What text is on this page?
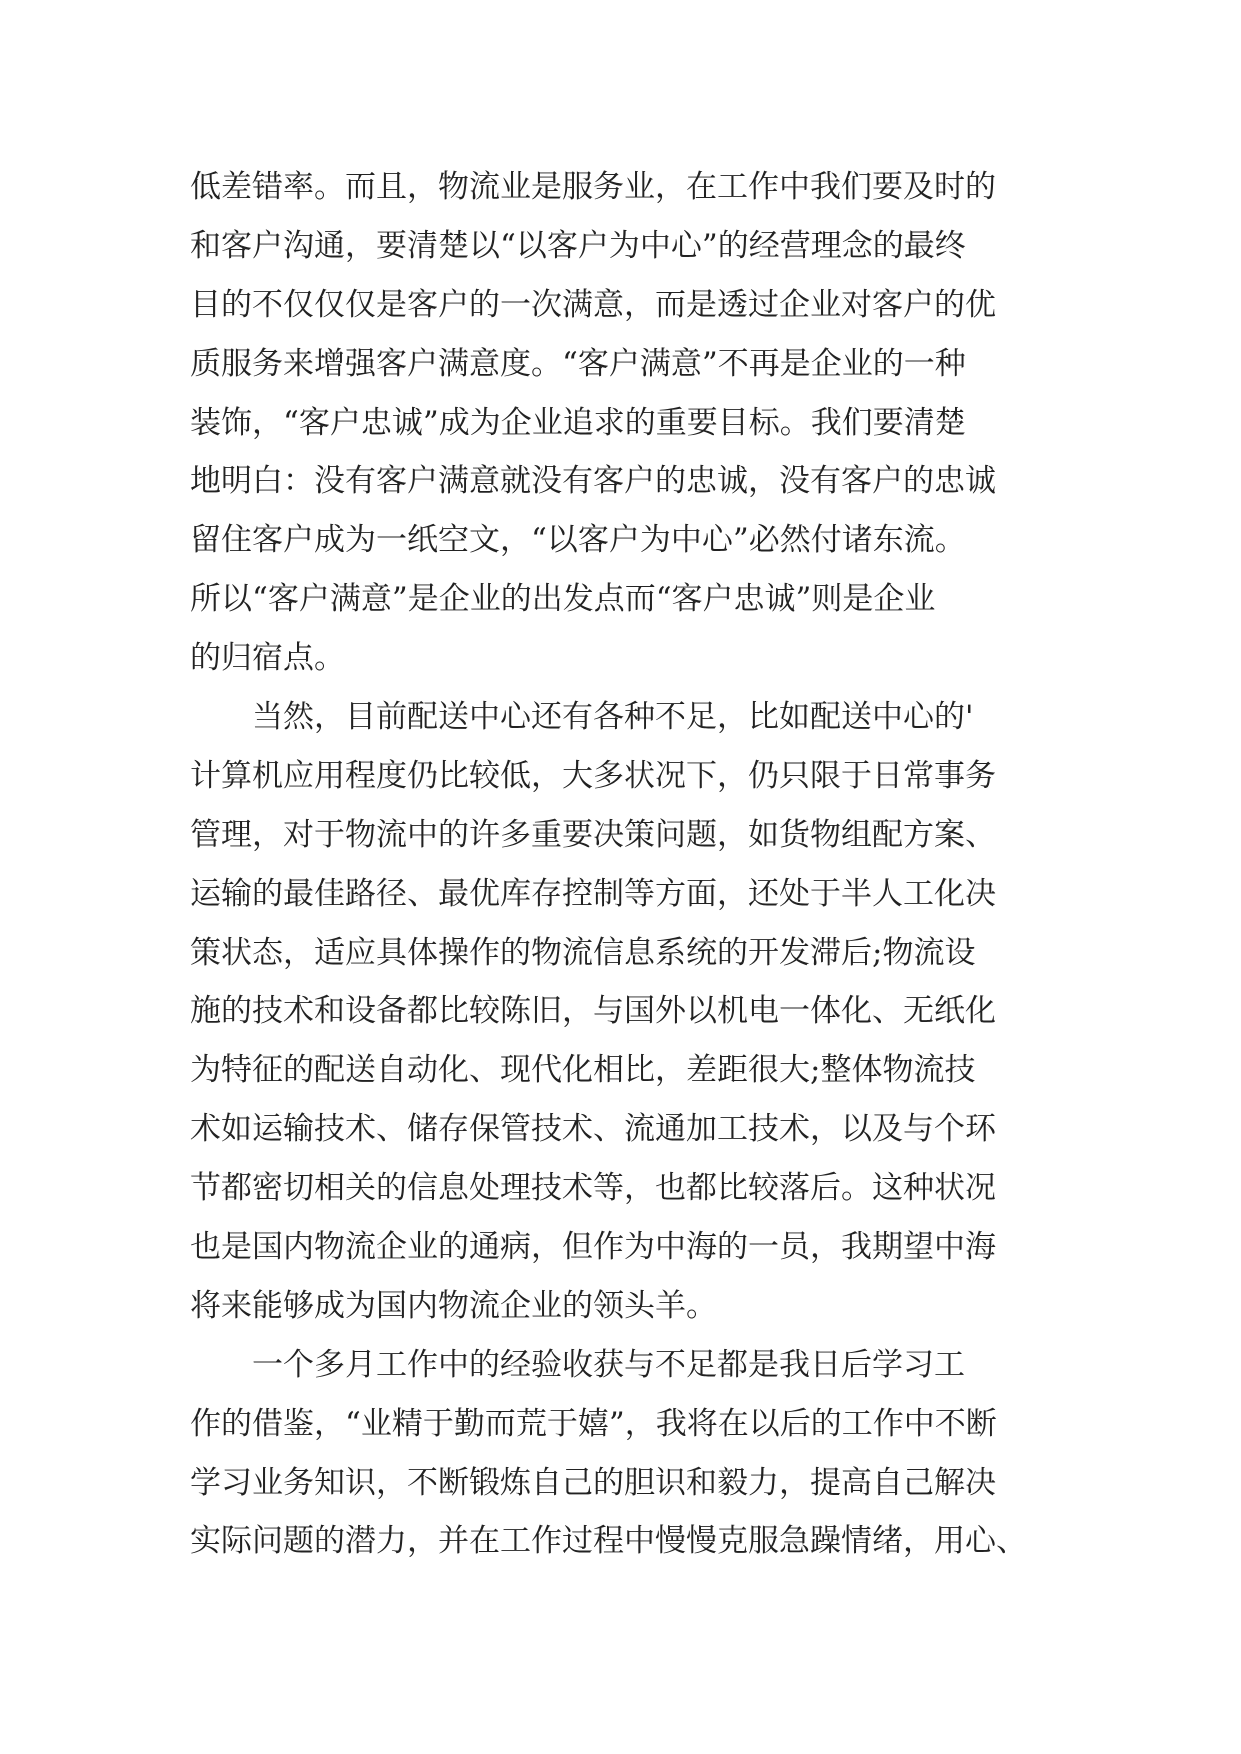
低差错率。而且，物流业是服务业，在工作中我们要及时的
和客户沟通，要清楚以“以客户为中心”的经营理念的最终
目的不仅仅仅是客户的一次满意，而是透过企业对客户的优
质服务来增强客户满意度。“客户满意”不再是企业的一种
装饰，“客户忠诚”成为企业追求的重要目标。我们要清楚
地明白：没有客户满意就没有客户的忠诚，没有客户的忠诚
留住客户成为一纸空文，“以客户为中心”必然付诸东流。
所以“客户满意”是企业的出发点而“客户忠诚”则是企业
的归宿点。
　　当然，目前配送中心还有各种不足，比如配送中心的'
计算机应用程度仍比较低，大多状况下，仍只限于日常事务
管理，对于物流中的许多重要决策问题，如货物组配方案、
运输的最佳路径、最优库存控制等方面，还处于半人工化决
策状态，适应具体操作的物流信息系统的开发滞后;物流设
施的技术和设备都比较陈旧，与国外以机电一体化、无纸化
为特征的配送自动化、现代化相比，差距很大;整体物流技
术如运输技术、储存保管技术、流通加工技术，以及与个环
节都密切相关的信息处理技术等，也都比较落后。这种状况
也是国内物流企业的通病，但作为中海的一员，我期望中海
将来能够成为国内物流企业的领头羊。
　　一个多月工作中的经验收获与不足都是我日后学习工
作的借鉴，“业精于勤而荒于嬉”，我将在以后的工作中不断
学习业务知识，不断锻炼自己的胆识和毅力，提高自己解决
实际问题的潜力，并在工作过程中慢慢克服急躁情绪，用心、
